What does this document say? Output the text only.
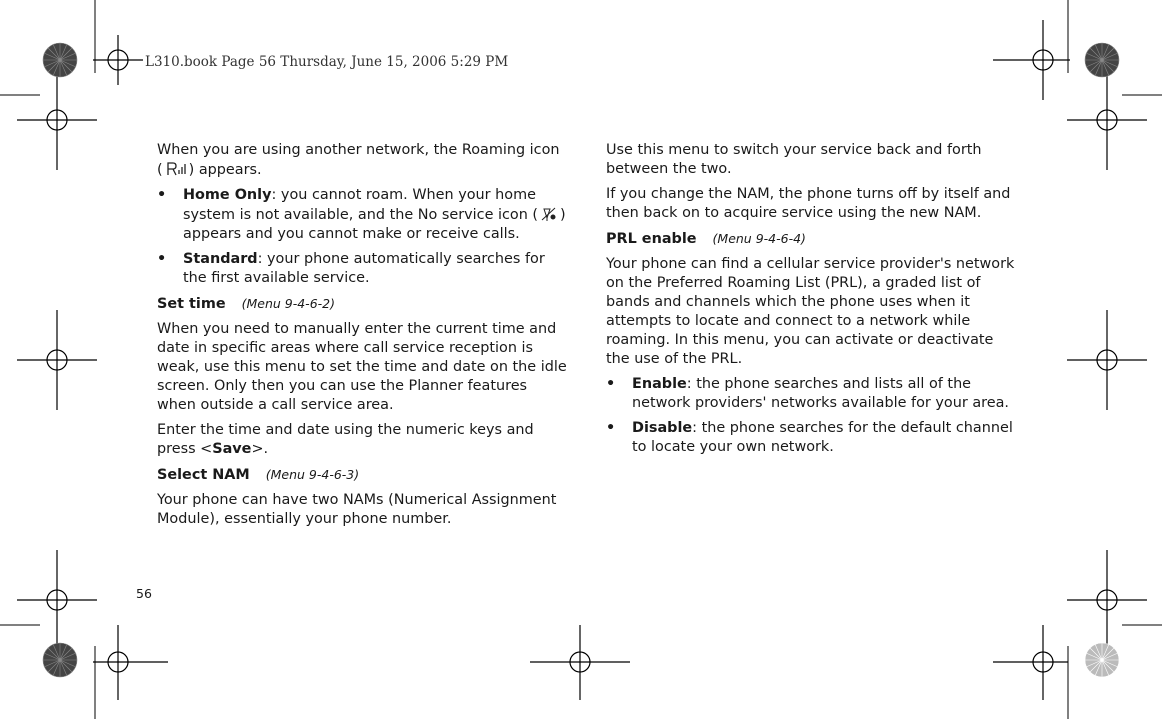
L310.book Page 56 Thursday, June 15, 2006 5:29 PM

When you are using another network, the Roaming icon ( ) appears.

• Home Only: you cannot roam. When your home system is not available, and the No service icon ( ) appears and you cannot make or receive calls.
• Standard: your phone automatically searches for the first available service.
Set time (Menu 9-4-6-2)

When you need to manually enter the current time and date in specific areas where call service reception is weak, use this menu to set the time and date on the idle screen. Only then you can use the Planner features when outside a call service area.

Enter the time and date using the numeric keys and press <Save>.

Select NAM (Menu 9-4-6-3)

Your phone can have two NAMs (Numerical Assignment Module), essentially your phone number.

Use this menu to switch your service back and forth between the two.

If you change the NAM, the phone turns off by itself and then back on to acquire service using the new NAM.

PRL enable (Menu 9-4-6-4)

Your phone can find a cellular service provider's network on the Preferred Roaming List (PRL), a graded list of bands and channels which the phone uses when it attempts to locate and connect to a network while roaming. In this menu, you can activate or deactivate the use of the PRL.

• Enable: the phone searches and lists all of the network providers' networks available for your area.
• Disable: the phone searches for the default channel to locate your own network.
56
